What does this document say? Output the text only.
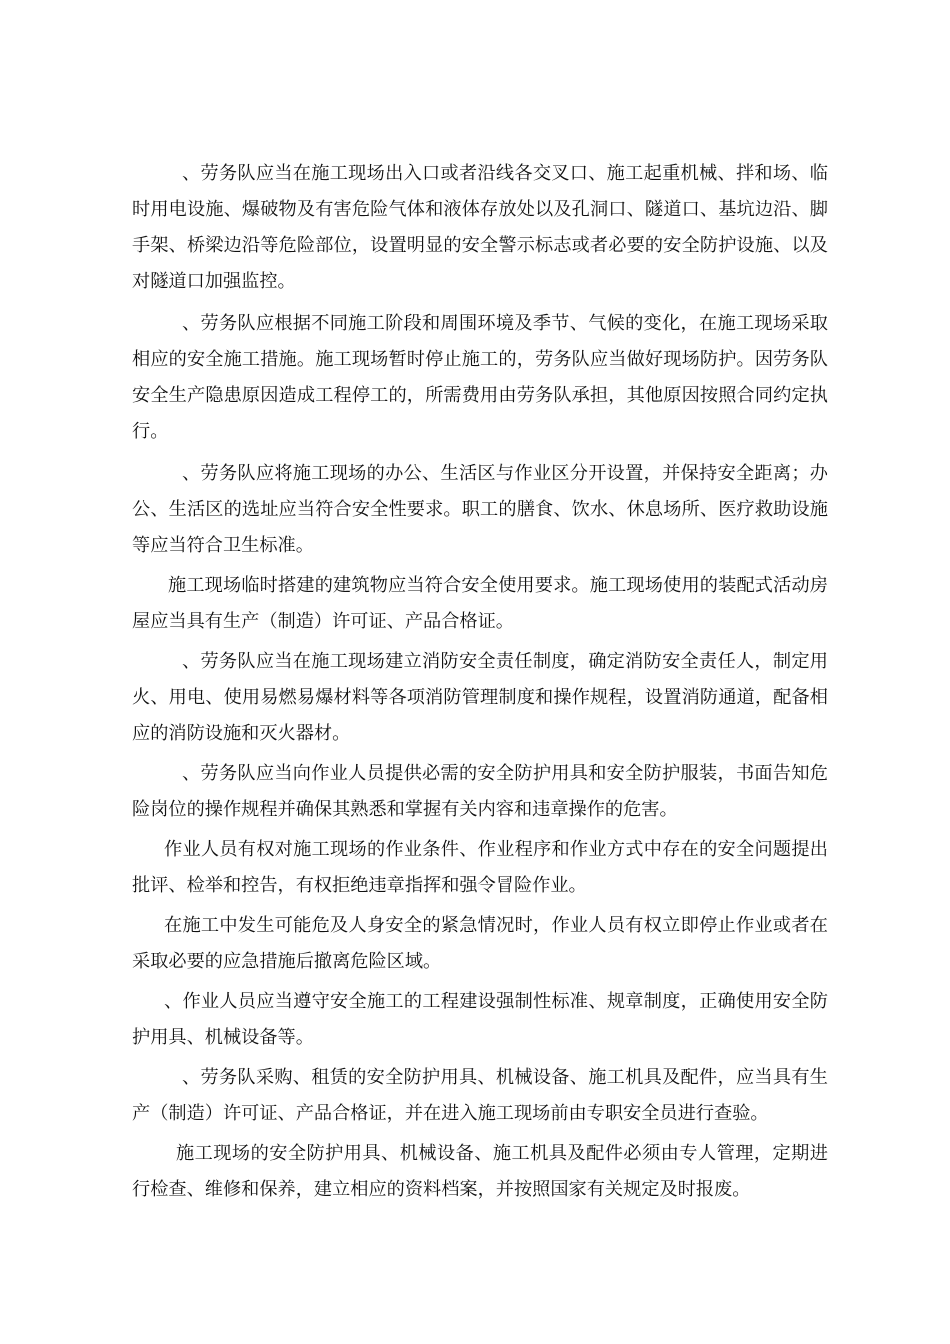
、劳务队应当在施工现场出入口或者沿线各交叉口、施工起重机械、拌和场、临时用电设施、爆破物及有害危险气体和液体存放处以及孔洞口、隧道口、基坑边沿、脚手架、桥梁边沿等危险部位，设置明显的安全警示标志或者必要的安全防护设施、以及对隧道口加强监控。

、劳务队应根据不同施工阶段和周围环境及季节、气候的变化，在施工现场采取相应的安全施工措施。施工现场暂时停止施工的，劳务队应当做好现场防护。因劳务队安全生产隐患原因造成工程停工的，所需费用由劳务队承担，其他原因按照合同约定执行。

、劳务队应将施工现场的办公、生活区与作业区分开设置，并保持安全距离；办公、生活区的选址应当符合安全性要求。职工的膳食、饮水、休息场所、医疗救助设施等应当符合卫生标准。

施工现场临时搭建的建筑物应当符合安全使用要求。施工现场使用的装配式活动房屋应当具有生产（制造）许可证、产品合格证。

、劳务队应当在施工现场建立消防安全责任制度，确定消防安全责任人，制定用火、用电、使用易燃易爆材料等各项消防管理制度和操作规程，设置消防通道，配备相应的消防设施和灭火器材。

、劳务队应当向作业人员提供必需的安全防护用具和安全防护服装，书面告知危险岗位的操作规程并确保其熟悉和掌握有关内容和违章操作的危害。

作业人员有权对施工现场的作业条件、作业程序和作业方式中存在的安全问题提出批评、检举和控告，有权拒绝违章指挥和强令冒险作业。

在施工中发生可能危及人身安全的紧急情况时，作业人员有权立即停止作业或者在采取必要的应急措施后撤离危险区域。

、作业人员应当遵守安全施工的工程建设强制性标准、规章制度，正确使用安全防护用具、机械设备等。

、劳务队采购、租赁的安全防护用具、机械设备、施工机具及配件，应当具有生产（制造）许可证、产品合格证，并在进入施工现场前由专职安全员进行查验。

施工现场的安全防护用具、机械设备、施工机具及配件必须由专人管理，定期进行检查、维修和保养，建立相应的资料档案，并按照国家有关规定及时报废。
